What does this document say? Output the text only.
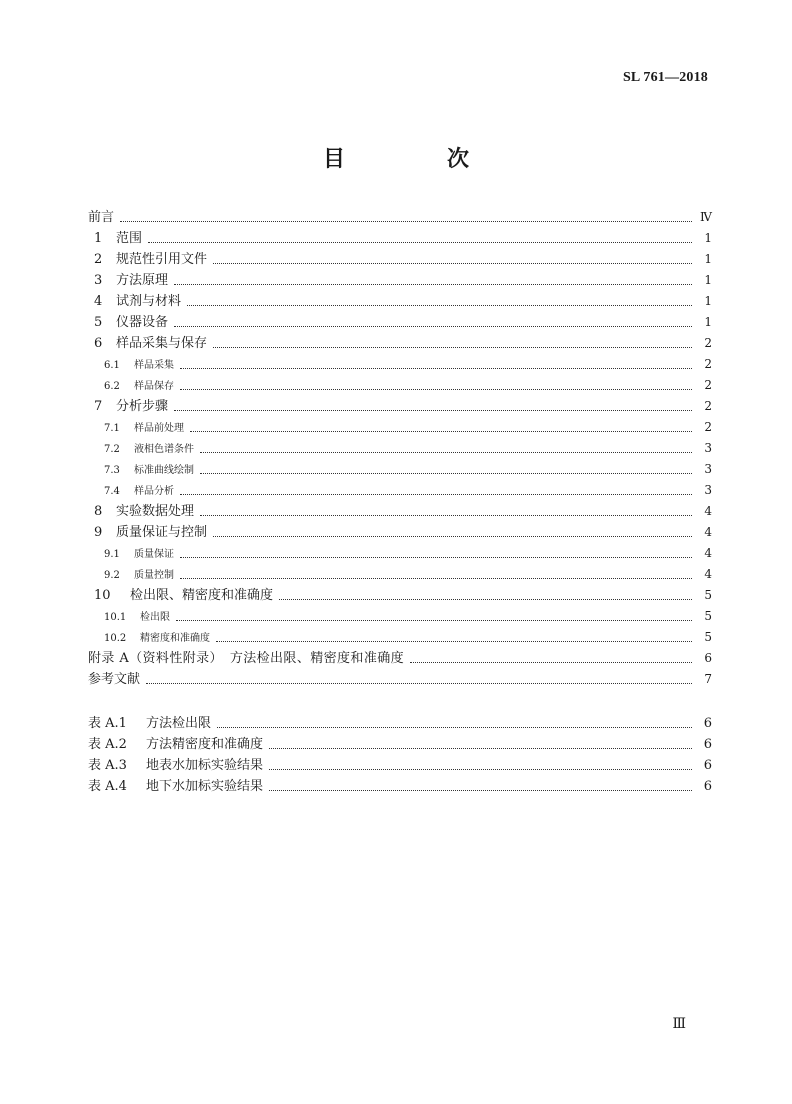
SL 761—2018
目　次
前言	Ⅳ
1	范围	1
2	规范性引用文件	1
3	方法原理	1
4	试剂与材料	1
5	仪器设备	1
6	样品采集与保存	2
6.1	样品采集	2
6.2	样品保存	2
7	分析步骤	2
7.1	样品前处理	2
7.2	液相色谱条件	3
7.3	标准曲线绘制	3
7.4	样品分析	3
8	实验数据处理	4
9	质量保证与控制	4
9.1	质量保证	4
9.2	质量控制	4
10	检出限、精密度和准确度	5
10.1	检出限	5
10.2	精密度和准确度	5
附录 A（资料性附录）　方法检出限、精密度和准确度	6
参考文献	7
表 A.1	方法检出限	6
表 A.2	方法精密度和准确度	6
表 A.3	地表水加标实验结果	6
表 A.4	地下水加标实验结果	6
Ⅲ
